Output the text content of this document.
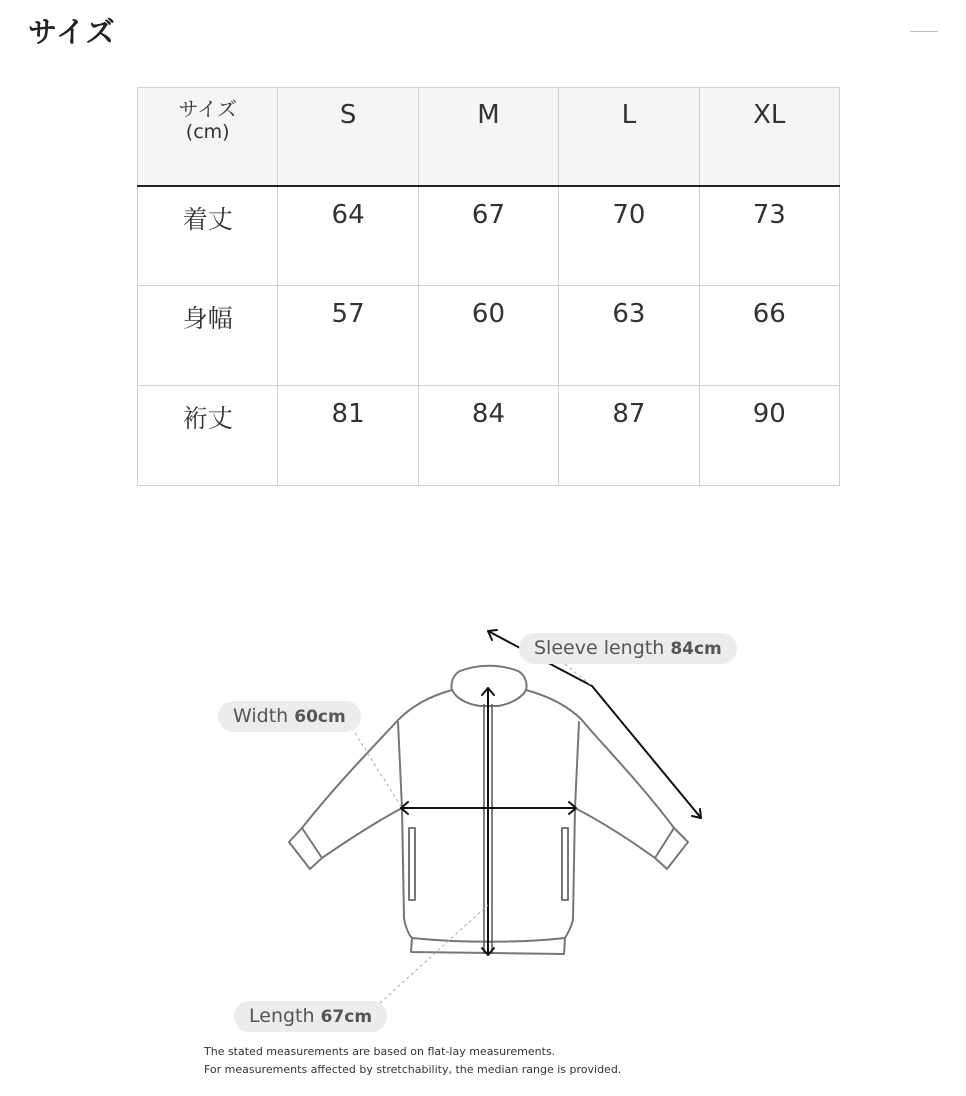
サイズ
サイズ
(cm)	S	M	L	XL
着丈	64	67	70	73
身幅	57	60	63	66
裄丈	81	84	87	90
Sleeve length 84cm
Width 60cm
Length 67cm
The stated measurements are based on flat-lay measurements.
For measurements affected by stretchability, the median range is provided.
